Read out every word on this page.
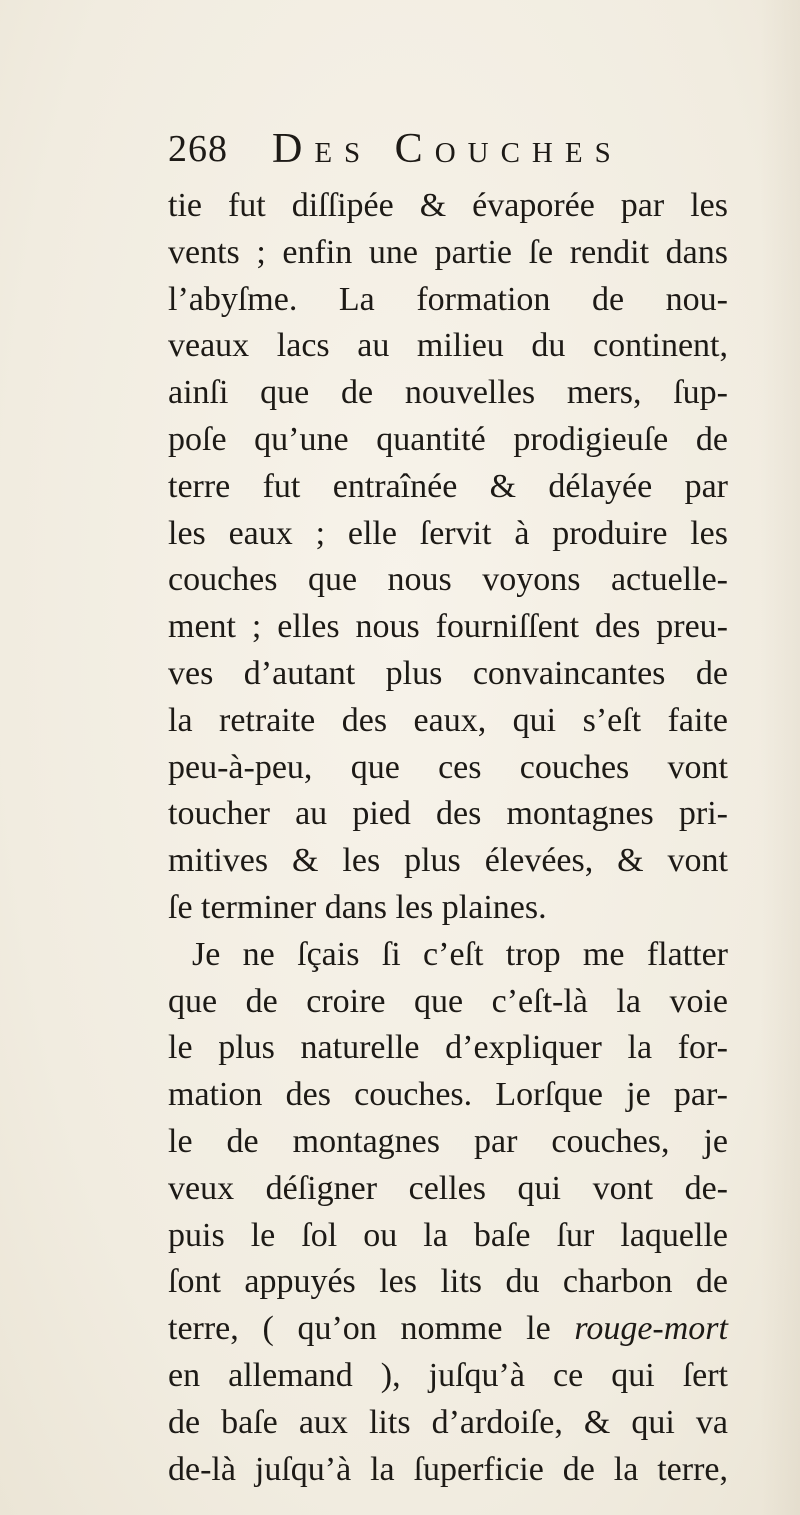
268 Des Couches
tie fut diſſipée & évaporée par les
vents ; enfin une partie ſe rendit dans
l’abyſme. La formation de nou-
veaux lacs au milieu du continent,
ainſi que de nouvelles mers, ſup-
poſe qu’une quantité prodigieuſe de
terre fut entraînée & délayée par
les eaux ; elle ſervit à produire les
couches que nous voyons actuelle-
ment ; elles nous fourniſſent des preu-
ves d’autant plus convaincantes de
la retraite des eaux, qui s’eſt faite
peu-à-peu, que ces couches vont
toucher au pied des montagnes pri-
mitives & les plus élevées, & vont
ſe terminer dans les plaines.
Je ne ſçais ſi c’eſt trop me flatter
que de croire que c’eſt-là la voie
le plus naturelle d’expliquer la for-
mation des couches. Lorſque je par-
le de montagnes par couches, je
veux déſigner celles qui vont de-
puis le ſol ou la baſe ſur laquelle
ſont appuyés les lits du charbon de
terre, ( qu’on nomme le rouge-mort
en allemand ), juſqu’à ce qui ſert
de baſe aux lits d’ardoiſe, & qui va
de-là juſqu’à la ſuperficie de la terre,
